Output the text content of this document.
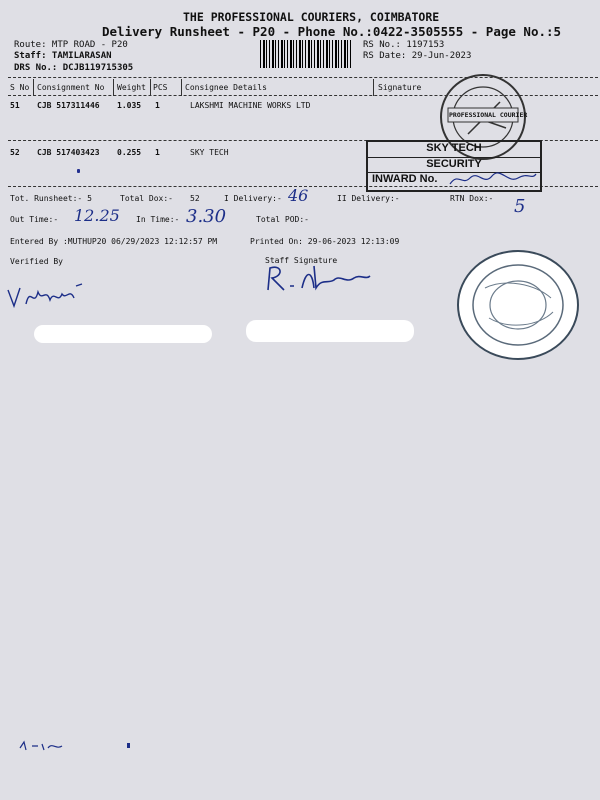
THE PROFESSIONAL COURIERS, COIMBATORE
Delivery Runsheet - P20 - Phone No.:0422-3505555 - Page No.:5
Route: MTP ROAD - P20
Staff: TAMILARASAN
DRS No.: DCJB119715305
RS No.: 1197153
RS Date: 29-Jun-2023
S No Consignment No Weight PCS Consignee Details	Signature
51 CJB 517311446 1.035 1	LAKSHMI MACHINE WORKS LTD
52 CJB 517403423 0.255 1	SKY TECH
PROFESSIONAL COURIER
SKY TECH
SECURITY
INWARD No.
Tot. Runsheet:- 5	Total Dox:- 52	I Delivery:- 46	II Delivery:-	RTN Dox:- 5
Out Time:- 12.25 In Time:- 3.30	Total POD:-
Entered By :MUTHUP20 06/29/2023 12:12:57 PM	Printed On: 29-06-2023 12:13:09
Verified By	Staff Signature
